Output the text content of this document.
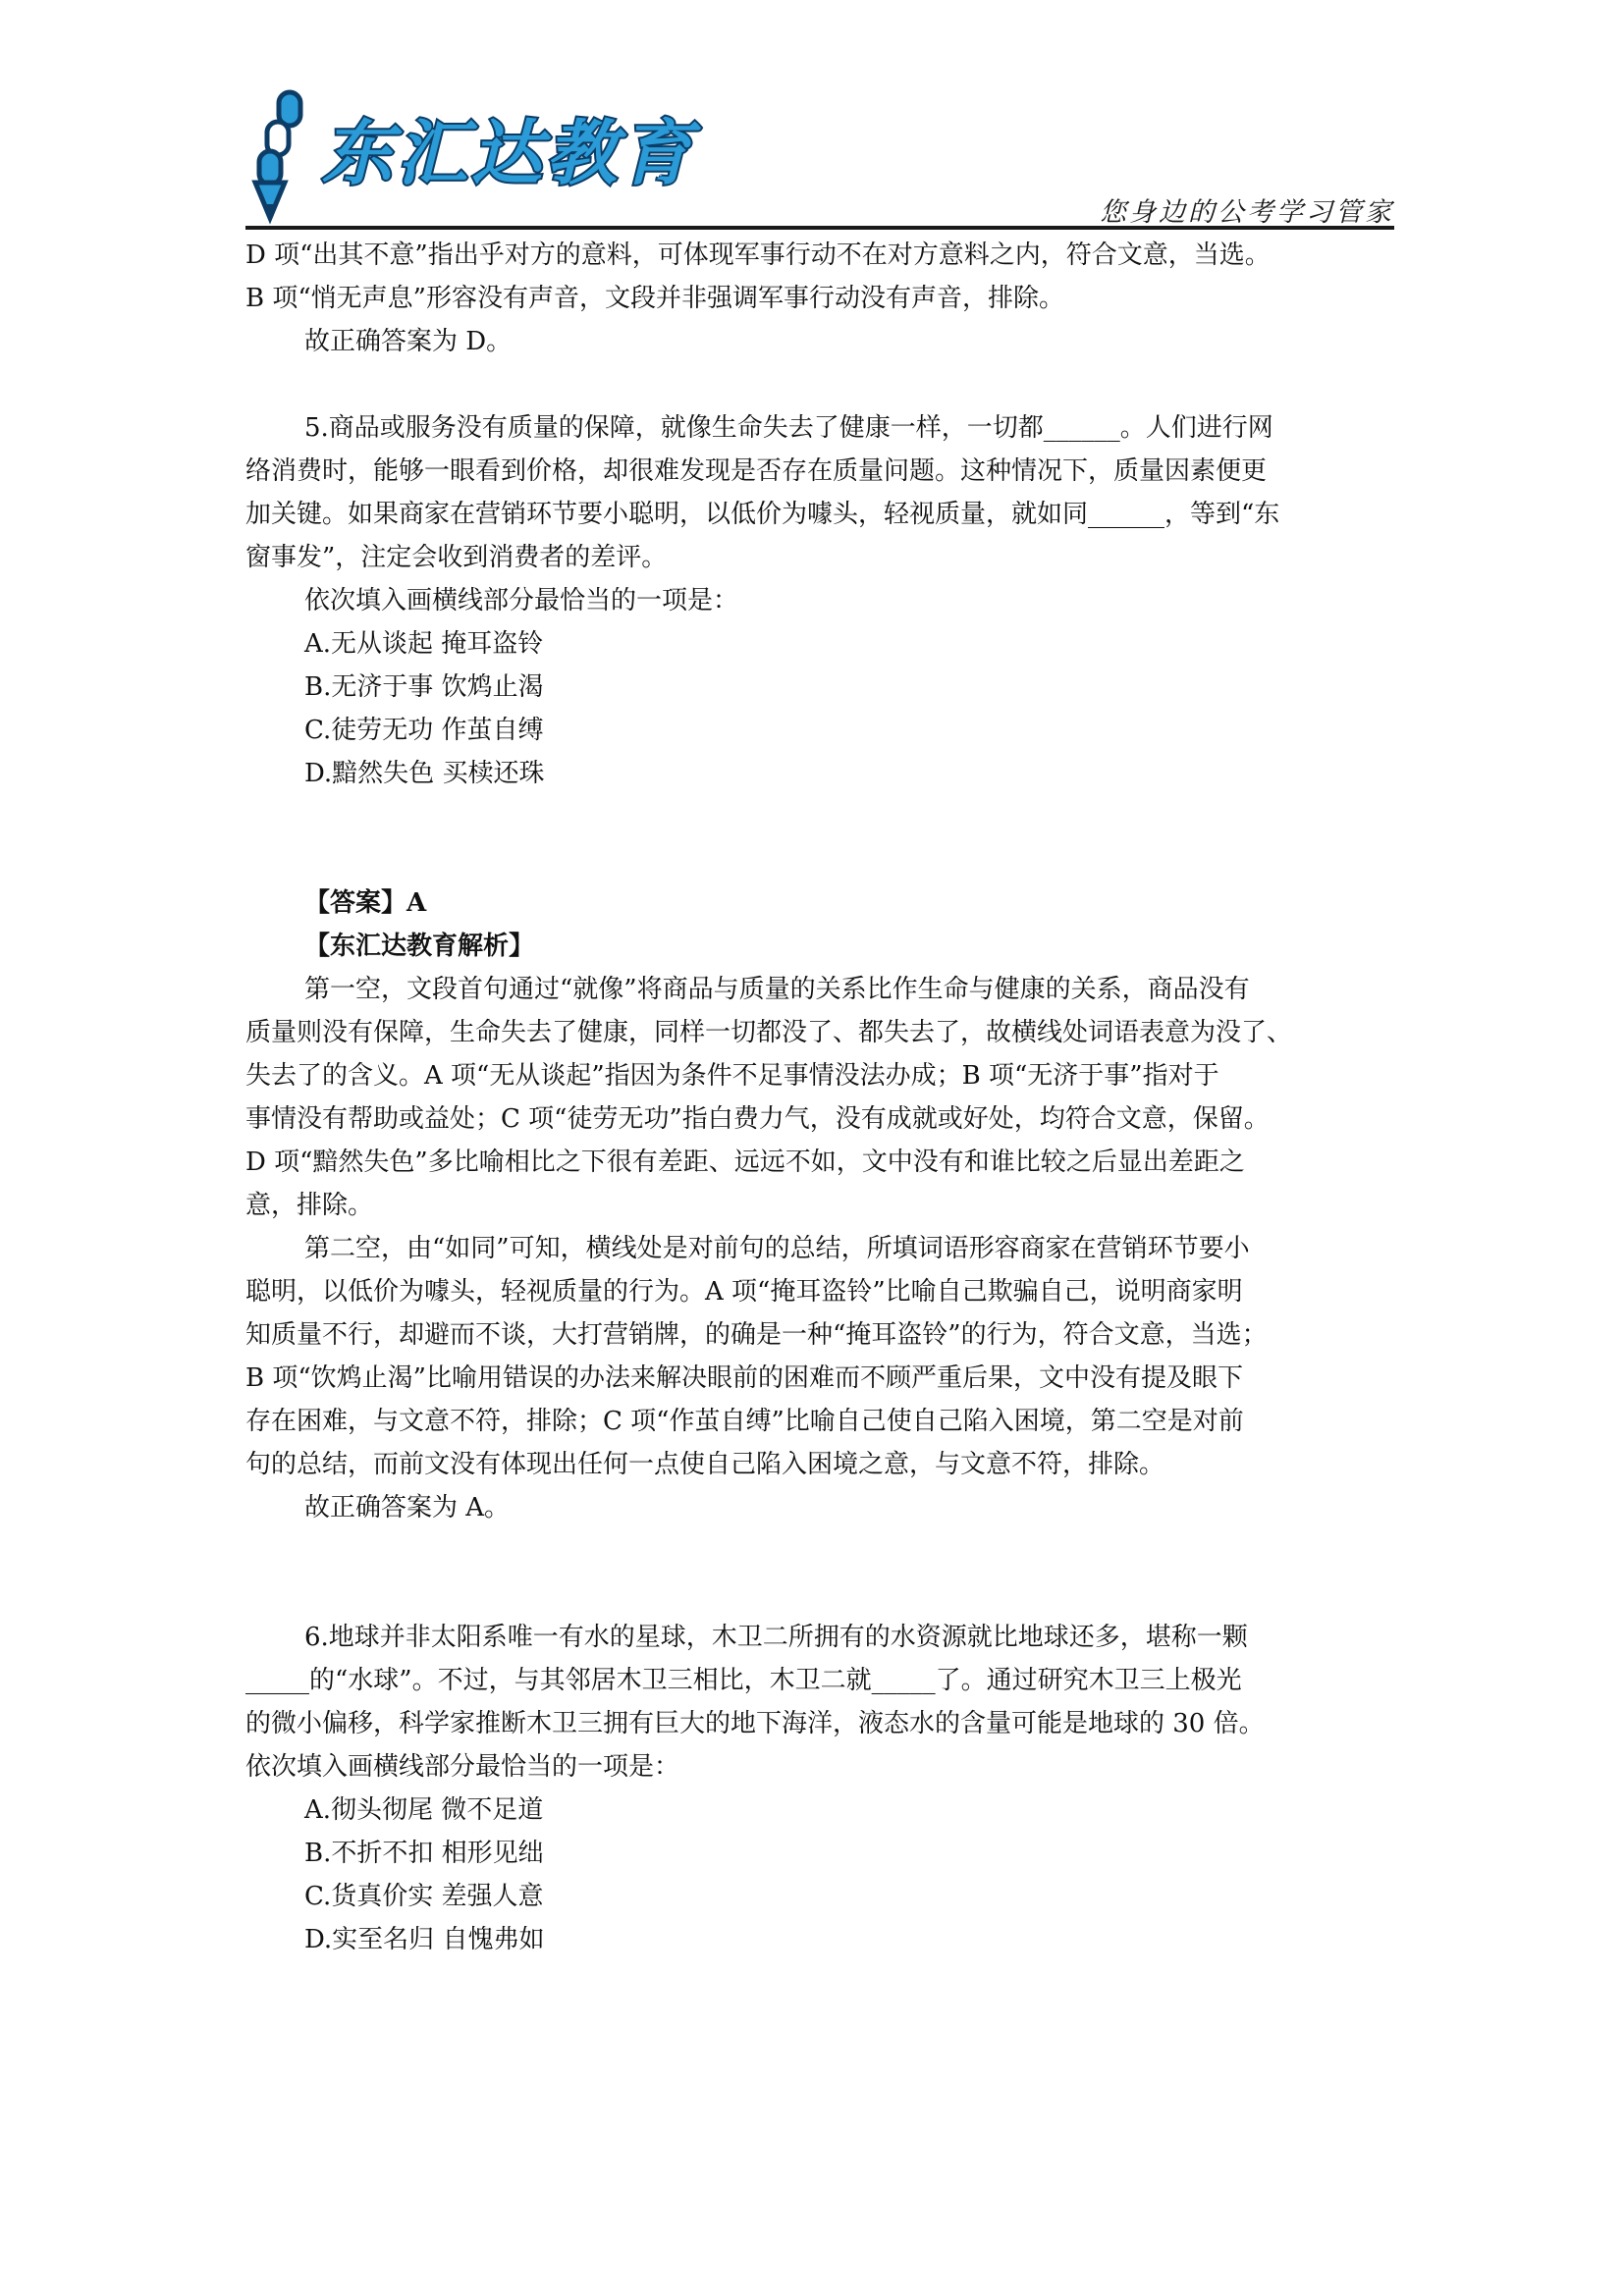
东汇达教育
您身边的公考学习管家
D 项“出其不意”指出乎对方的意料，可体现军事行动不在对方意料之内，符合文意，当选。
B 项“悄无声息”形容没有声音，文段并非强调军事行动没有声音，排除。
故正确答案为 D。
5.商品或服务没有质量的保障，就像生命失去了健康一样，一切都______。人们进行网
络消费时，能够一眼看到价格，却很难发现是否存在质量问题。这种情况下，质量因素便更
加关键。如果商家在营销环节要小聪明，以低价为噱头，轻视质量，就如同______，等到“东
窗事发”，注定会收到消费者的差评。
依次填入画横线部分最恰当的一项是：
A.无从谈起 掩耳盗铃
B.无济于事 饮鸩止渴
C.徒劳无功 作茧自缚
D.黯然失色 买椟还珠
【答案】A
【东汇达教育解析】
第一空，文段首句通过“就像”将商品与质量的关系比作生命与健康的关系，商品没有
质量则没有保障，生命失去了健康，同样一切都没了、都失去了，故横线处词语表意为没了、
失去了的含义。A 项“无从谈起”指因为条件不足事情没法办成；B 项“无济于事”指对于
事情没有帮助或益处；C 项“徒劳无功”指白费力气，没有成就或好处，均符合文意，保留。
D 项“黯然失色”多比喻相比之下很有差距、远远不如，文中没有和谁比较之后显出差距之
意，排除。
第二空，由“如同”可知，横线处是对前句的总结，所填词语形容商家在营销环节要小
聪明，以低价为噱头，轻视质量的行为。A 项“掩耳盗铃”比喻自己欺骗自己，说明商家明
知质量不行，却避而不谈，大打营销牌，的确是一种“掩耳盗铃”的行为，符合文意，当选；
B 项“饮鸩止渴”比喻用错误的办法来解决眼前的困难而不顾严重后果，文中没有提及眼下
存在困难，与文意不符，排除；C 项“作茧自缚”比喻自己使自己陷入困境，第二空是对前
句的总结，而前文没有体现出任何一点使自己陷入困境之意，与文意不符，排除。
故正确答案为 A。
6.地球并非太阳系唯一有水的星球，木卫二所拥有的水资源就比地球还多，堪称一颗
_____的“水球”。不过，与其邻居木卫三相比，木卫二就_____了。通过研究木卫三上极光
的微小偏移，科学家推断木卫三拥有巨大的地下海洋，液态水的含量可能是地球的 30 倍。
依次填入画横线部分最恰当的一项是：
A.彻头彻尾 微不足道
B.不折不扣 相形见绌
C.货真价实 差强人意
D.实至名归 自愧弗如
